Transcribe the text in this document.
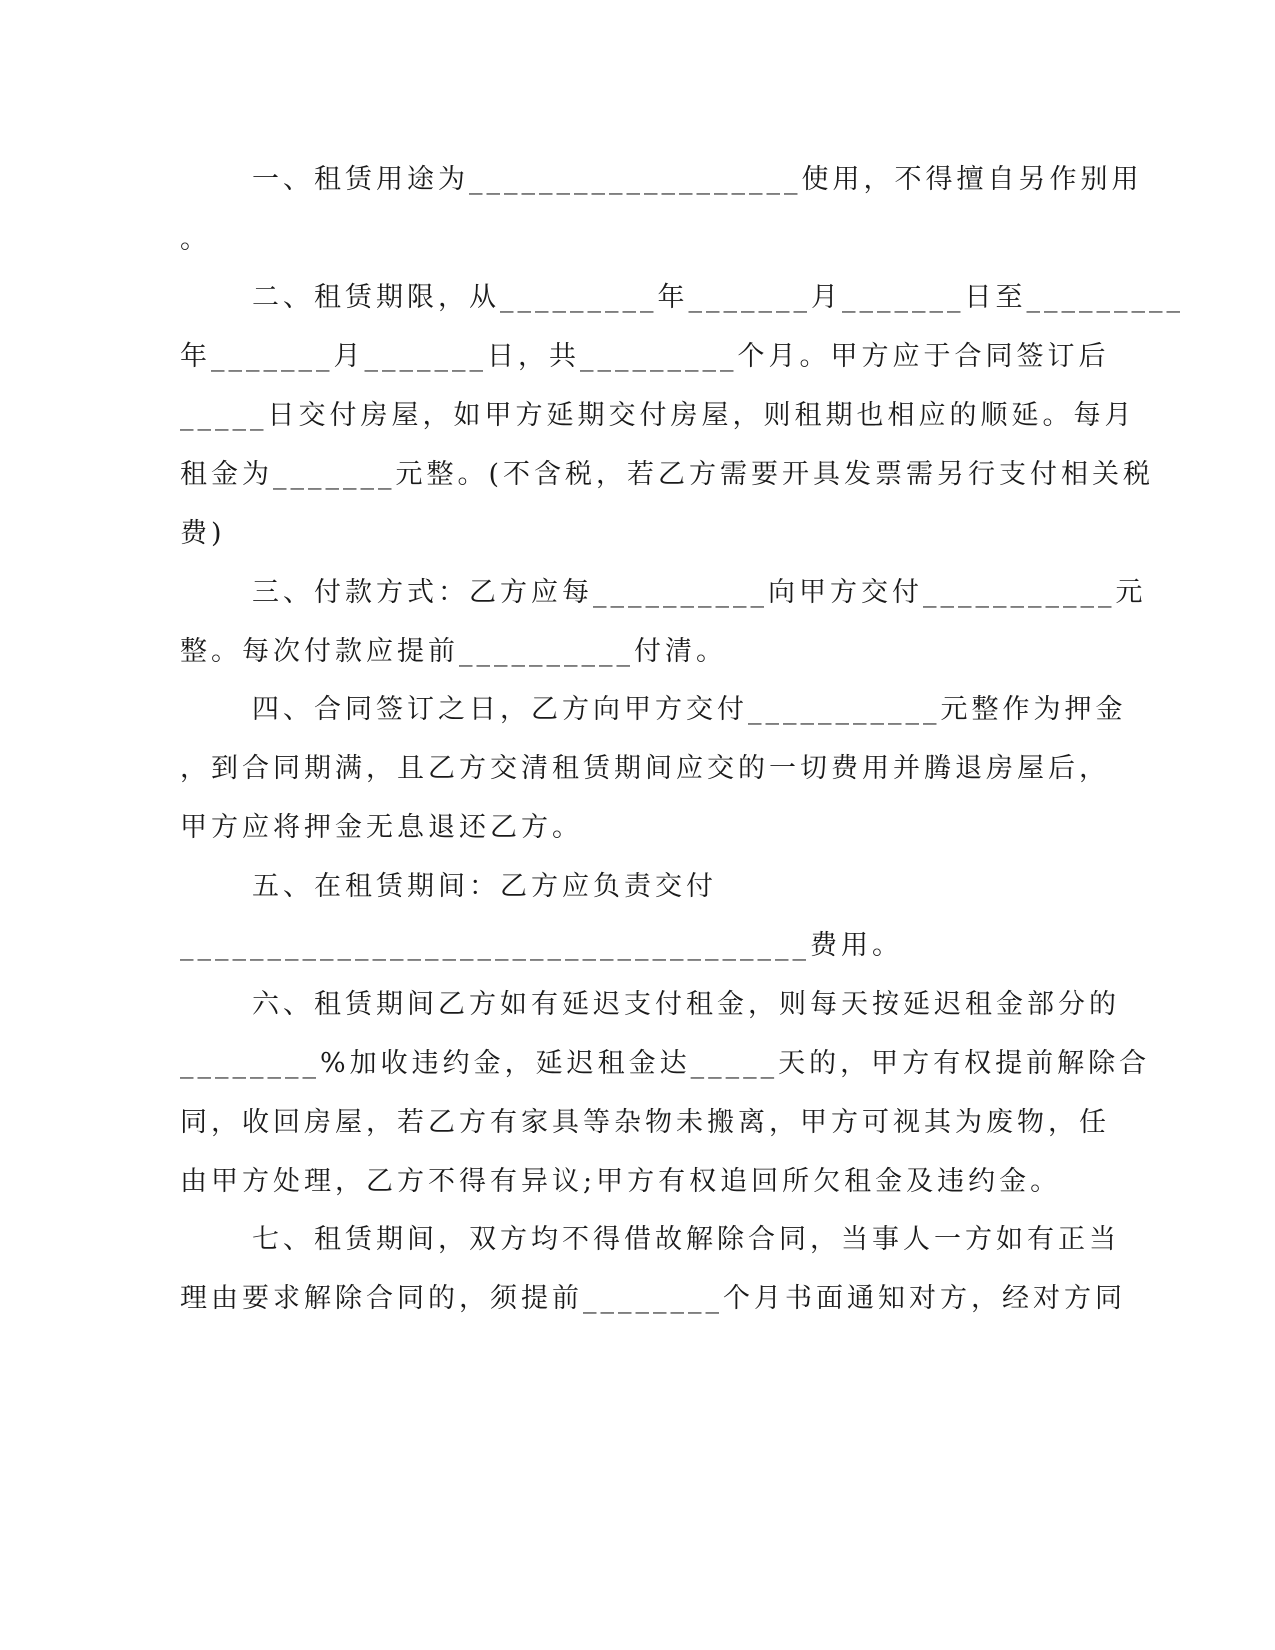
一、租赁用途为___________________使用，不得擅自另作别用
。
二、租赁期限，从_________年_______月_______日至_________
年_______月_______日，共_________个月。甲方应于合同签订后
_____日交付房屋，如甲方延期交付房屋，则租期也相应的顺延。每月
租金为_______元整。(不含税，若乙方需要开具发票需另行支付相关税
费)
三、付款方式：乙方应每__________向甲方交付___________元
整。每次付款应提前__________付清。
四、合同签订之日，乙方向甲方交付___________元整作为押金
，到合同期满，且乙方交清租赁期间应交的一切费用并腾退房屋后，
甲方应将押金无息退还乙方。
五、在租赁期间：乙方应负责交付
____________________________________费用。
六、租赁期间乙方如有延迟支付租金，则每天按延迟租金部分的
________%加收违约金，延迟租金达_____天的，甲方有权提前解除合
同，收回房屋，若乙方有家具等杂物未搬离，甲方可视其为废物，任
由甲方处理，乙方不得有异议;甲方有权追回所欠租金及违约金。
七、租赁期间，双方均不得借故解除合同，当事人一方如有正当
理由要求解除合同的，须提前________个月书面通知对方，经对方同
